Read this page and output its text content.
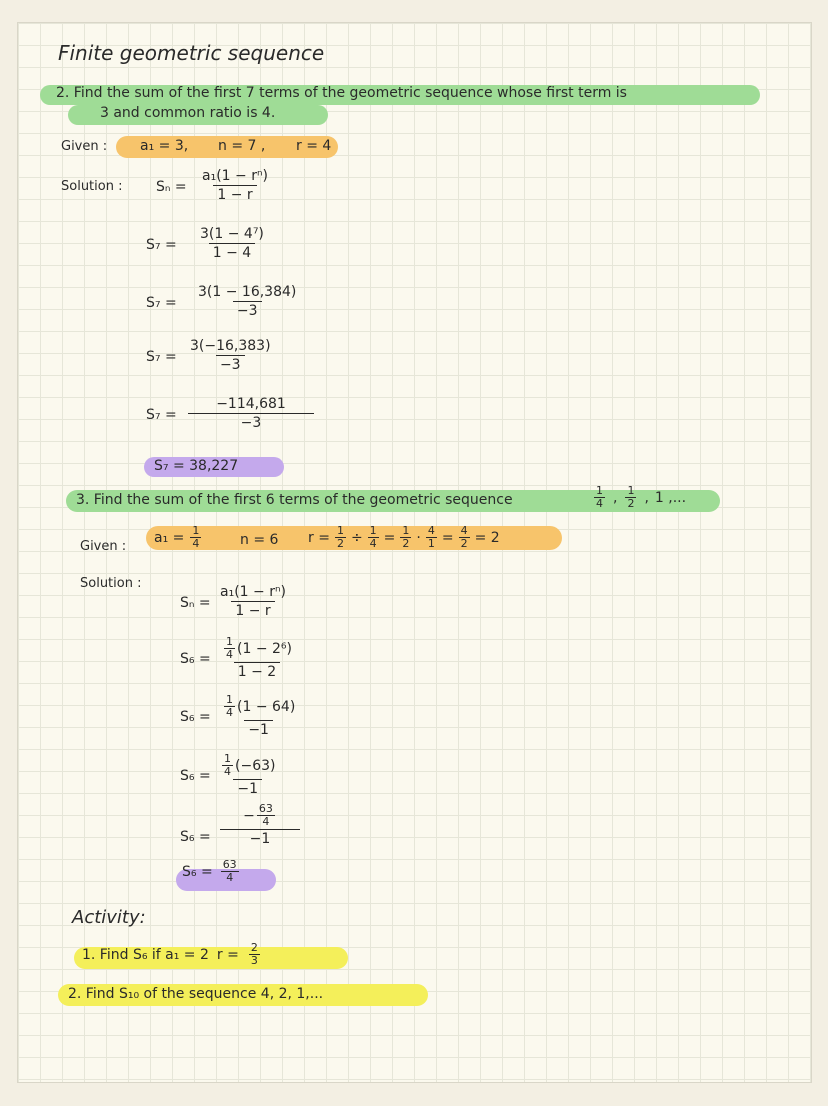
Finite geometric sequence
2. Find the sum of the first 7 terms of the geometric sequence whose first term is
3 and common ratio is 4.
Given : a₁ = 3, n = 7 , r = 4
Solution : $S_n = \frac{\text{a₁(1 − rⁿ)}}{1 - r}$
$S_7 = \frac{\text{3(1 − 4⁷)}}{1 - 4}$
$S_7 = \frac{3(1 - 16,384)}{-3}$
$S_7 = \frac{3(-16,383)}{-3}$
$S_7 = \frac{-114,681}{-3}$
S₇ = 38,227
3. Find the sum of the first 6 terms of the geometric sequence
1
4 , 1
2 , 1 ,...
Given :
$a_1 = \frac{1}{4}$	n = 6 $r = \frac{1}{2} \div \frac{1}{4} = \frac{1}{2} \cdot \frac{4}{1} = \frac{4}{2} = 2$
Solution :
$S_n = \frac{\text{a₁(1 − rⁿ)}}{1 - r}$
S₆ = 1
4 (1 − 2⁶)
1 − 2
S₆ = 1
4 (1 − 64)
−1
S₆ = 1
4 (−63)
−1
$S_6 = \frac{- \frac{63}{4}}{-1}$
$S_6 = \frac{63}{4}$
Activity:
1. Find S₆ if a₁ = 2 $r = \frac{2}{3}$
2. Find S₁₀ of the sequence 4, 2, 1,...
